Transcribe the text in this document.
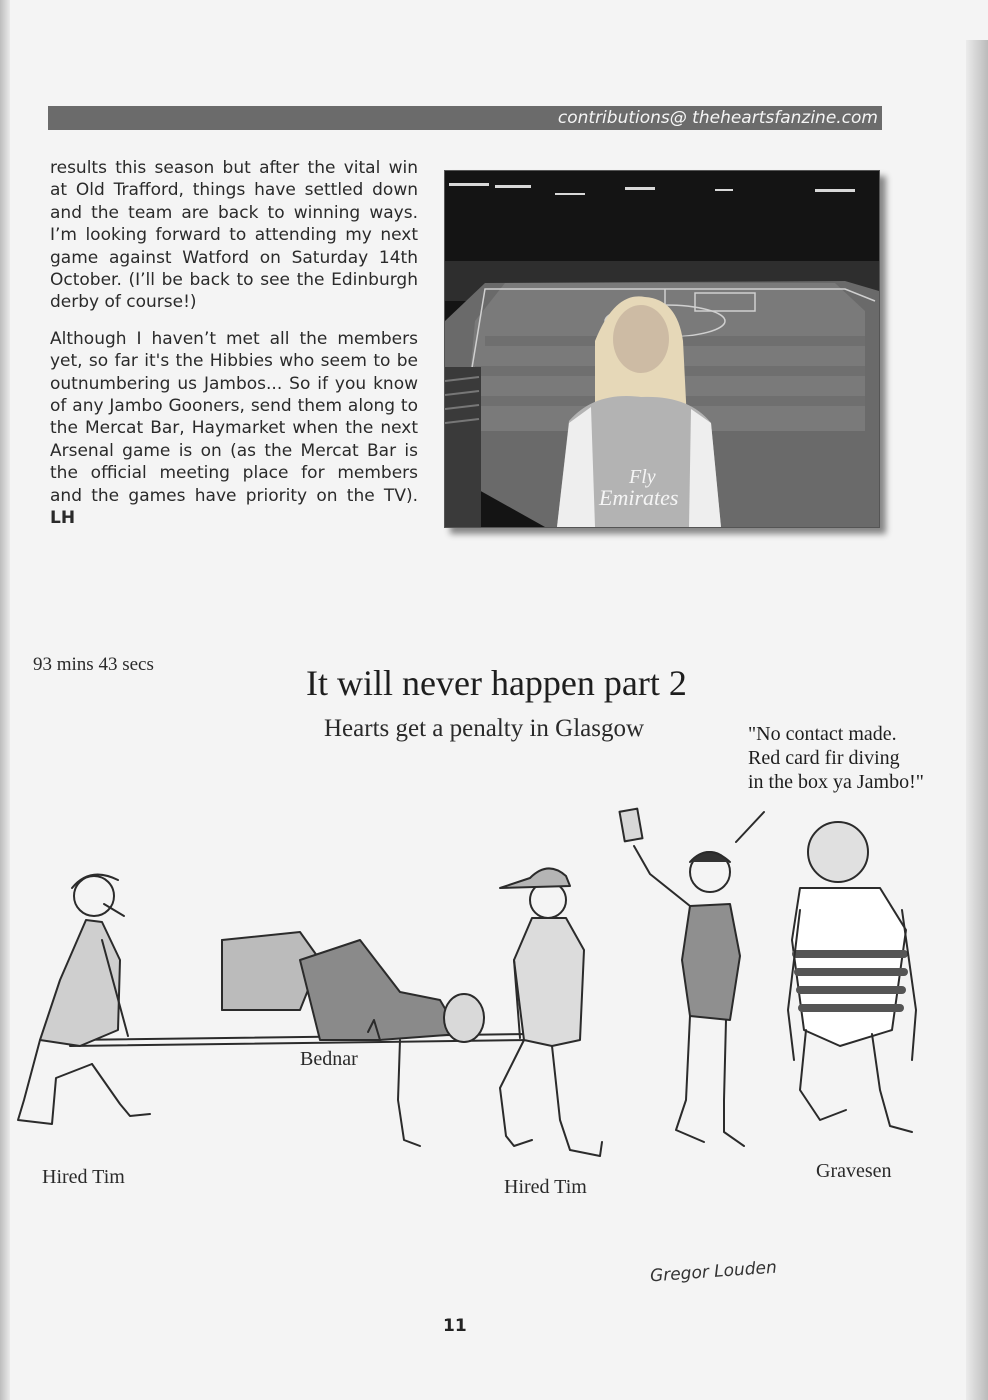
contributions@ theheartsfanzine.com

results this season but after the vital win at Old Trafford, things have settled down and the team are back to winning ways. I’m looking forward to attending my next game against Watford on Saturday 14th October. (I’ll be back to see the Edinburgh derby of course!)

Although I haven’t met all the members yet, so far it's the Hibbies who seem to be outnumbering us Jambos... So if you know of any Jambo Gooners, send them along to the Mercat Bar, Haymarket when the next Arsenal game is on (as the Mercat Bar is the official meeting place for members and the games have priority on the TV). LH

Fly
Emirates
93 mins 43 secs	It will never happen part 2
Hearts get a penalty in Glasgow	"No contact made.
Red card fir diving
in the box ya Jambo!"
Hired Tim
Bednar
Hired Tim
Gravesen
Gregor Louden
11
